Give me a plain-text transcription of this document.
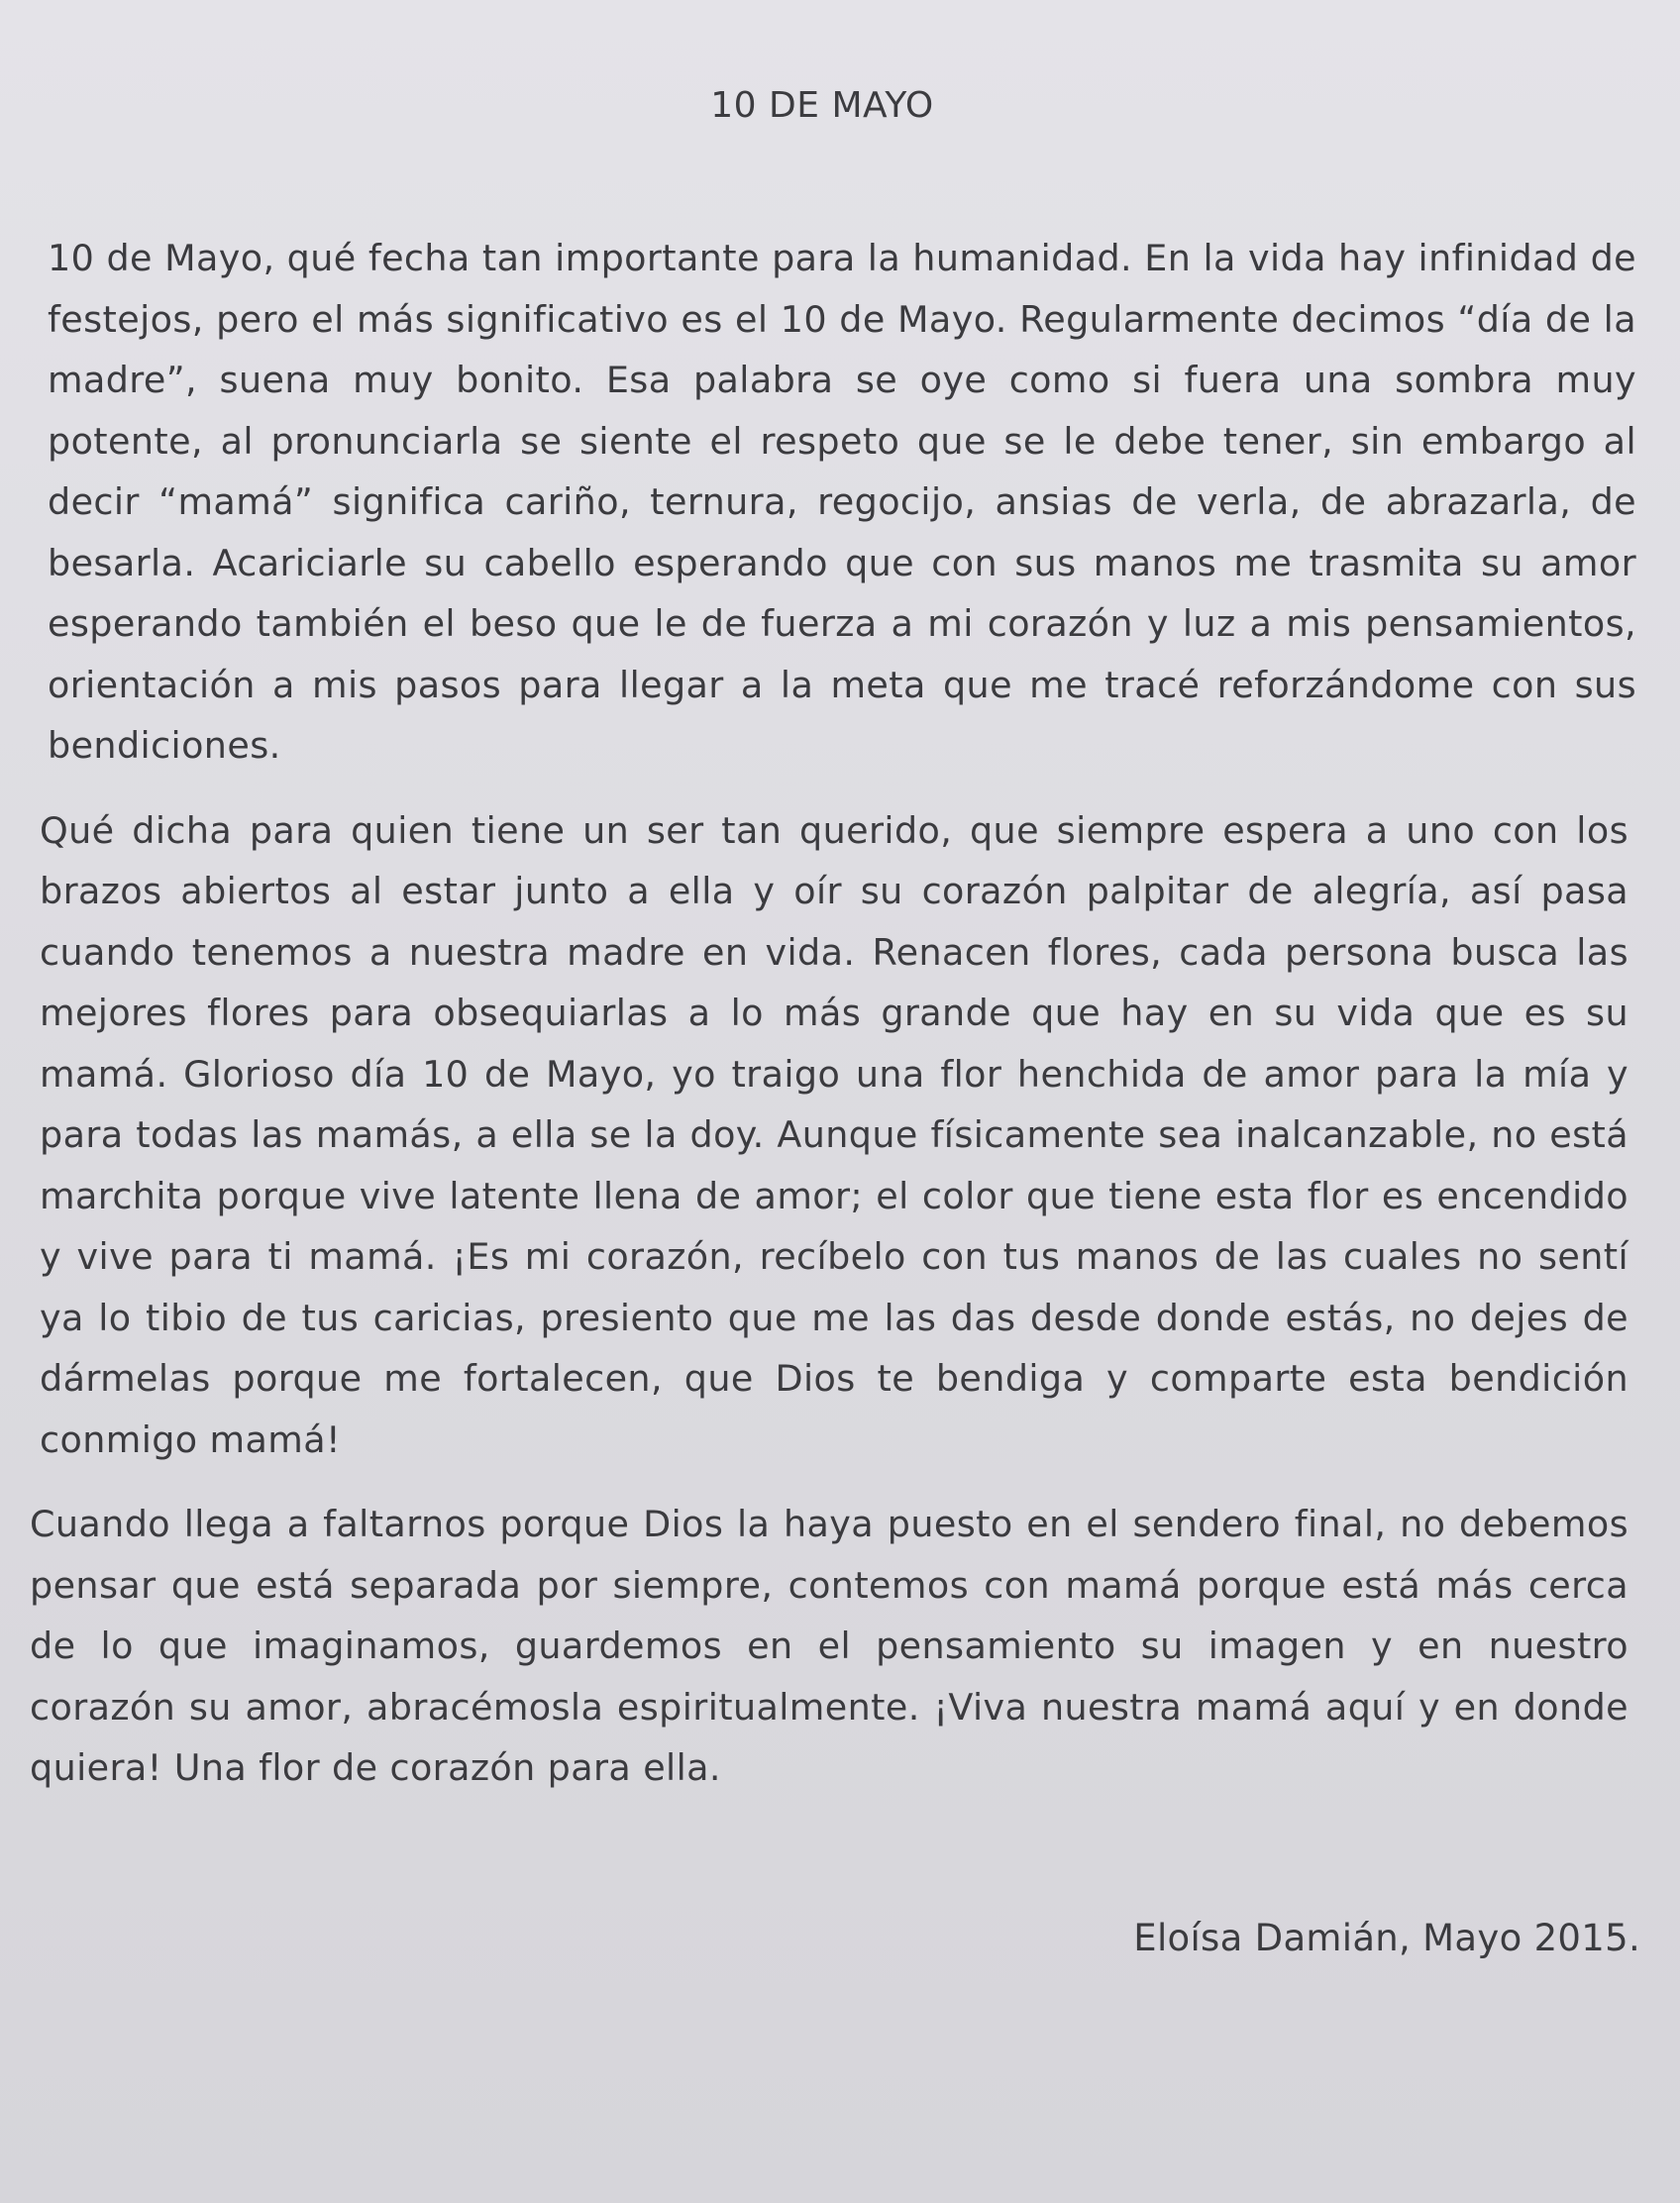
10 DE MAYO

10 de Mayo, qué fecha tan importante para la humanidad. En la vida hay infinidad de festejos, pero el más significativo es el 10 de Mayo. Regularmente decimos “día de la madre”, suena muy bonito. Esa palabra se oye como si fuera una sombra muy potente, al pronunciarla se siente el respeto que se le debe tener, sin embargo al decir “mamá” significa cariño, ternura, regocijo, ansias de verla, de abrazarla, de besarla. Acariciarle su cabello esperando que con sus manos me trasmita su amor esperando también el beso que le de fuerza a mi corazón y luz a mis pensamientos, orientación a mis pasos para llegar a la meta que me tracé reforzándome con sus bendiciones.

Qué dicha para quien tiene un ser tan querido, que siempre espera a uno con los brazos abiertos al estar junto a ella y oír su corazón palpitar de alegría, así pasa cuando tenemos a nuestra madre en vida. Renacen flores, cada persona busca las mejores flores para obsequiarlas a lo más grande que hay en su vida que es su mamá. Glorioso día 10 de Mayo, yo traigo una flor henchida de amor para la mía y para todas las mamás, a ella se la doy. Aunque físicamente sea inalcanzable, no está marchita porque vive latente llena de amor; el color que tiene esta flor es encendido y vive para ti mamá. ¡Es mi corazón, recíbelo con tus manos de las cuales no sentí ya lo tibio de tus caricias, presiento que me las das desde donde estás, no dejes de dármelas porque me fortalecen, que Dios te bendiga y comparte esta bendición conmigo mamá!

Cuando llega a faltarnos porque Dios la haya puesto en el sendero final, no debemos pensar que está separada por siempre, contemos con mamá porque está más cerca de lo que imaginamos, guardemos en el pensamiento su imagen y en nuestro corazón su amor, abracémosla espiritualmente. ¡Viva nuestra mamá aquí y en donde quiera! Una flor de corazón para ella.

Eloísa Damián, Mayo 2015.
